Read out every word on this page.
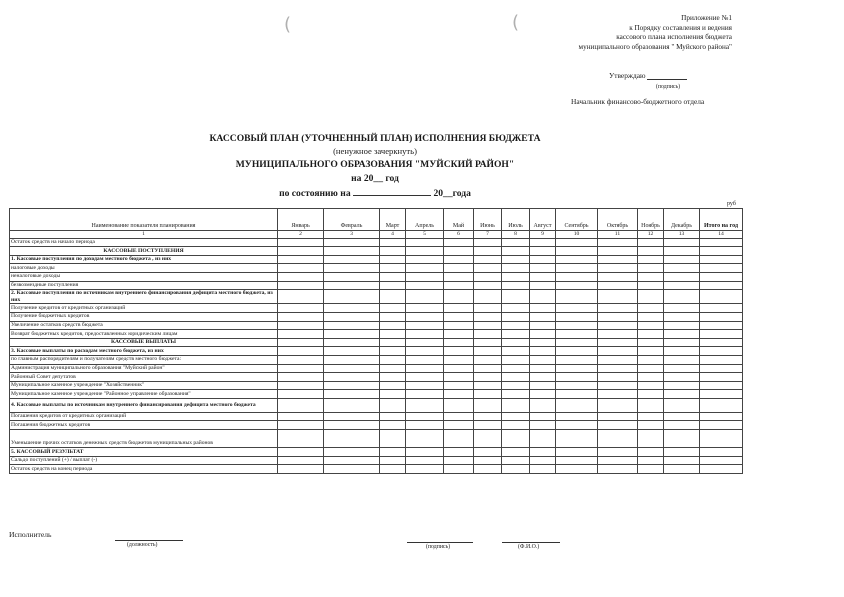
(	(	Приложение №1
к Порядку составления и ведения
кассового плана исполнения бюджета
муниципального образования " Муйского района"
Утверждаю
(подпись)
Начальник финансово-бюджетного отдела
КАССОВЫЙ ПЛАН (УТОЧНЕННЫЙ ПЛАН) ИСПОЛНЕНИЯ БЮДЖЕТА
(ненужное зачеркнуть)
МУНИЦИПАЛЬНОГО ОБРАЗОВАНИЯ "МУЙСКИЙ РАЙОН"
на 20__ год
по состоянию на	20__года
руб
Наименование показателя планирования	Январь	Февраль	Март	Апрель	Май	Июнь	Июль	Август	Сентябрь	Октябрь	Ноябрь	Декабрь	Итого на год
1	2	3	4	5	6	7	8	9	10	11	12	13	14
Остаток средств на начало периода													
КАССОВЫЕ ПОСТУПЛЕНИЯ													
1. Кассовые поступления по доходам местного бюджета , из них													
налоговые доходы													
неналоговые доходы													
безвозмездные поступления													
2. Кассовые поступления по источникам внутреннего финансирования дефицита местного бюджета, из них													
Получение кредитов от кредитных организаций													
Получение бюджетных кредитов													
Увеличение остатков средств бюджета													
Возврат бюджетных кредитов, предоставленных юридическим лицам													
КАССОВЫЕ ВЫПЛАТЫ													
3. Кассовые выплаты по расходам местного бюджета, из них													
по главным распорядителям и получателям средств местного бюджета:													
Администрация муниципального образования "Муйский район"													
Районный Совет депутатов													
Муниципальное казенное учреждение "Хозяйственник"													
Муниципальное казенное учреждение "Районное управление образования"													
4. Кассовые выплаты по источникам внутреннего финансирования дефицита местного бюджета													
Погашения кредитов от кредитных организаций													
Погашения бюджетных кредитов													
Уменьшение прочих остатков денежных средств бюджетов муниципальных районов													
5. КАССОВЫЙ РЕЗУЛЬТАТ													
Сальдо поступлений (+) / выплат (-)													
Остаток средств на конец периода													
Исполнитель
(должность)	(подпись)	(Ф.И.О.)
